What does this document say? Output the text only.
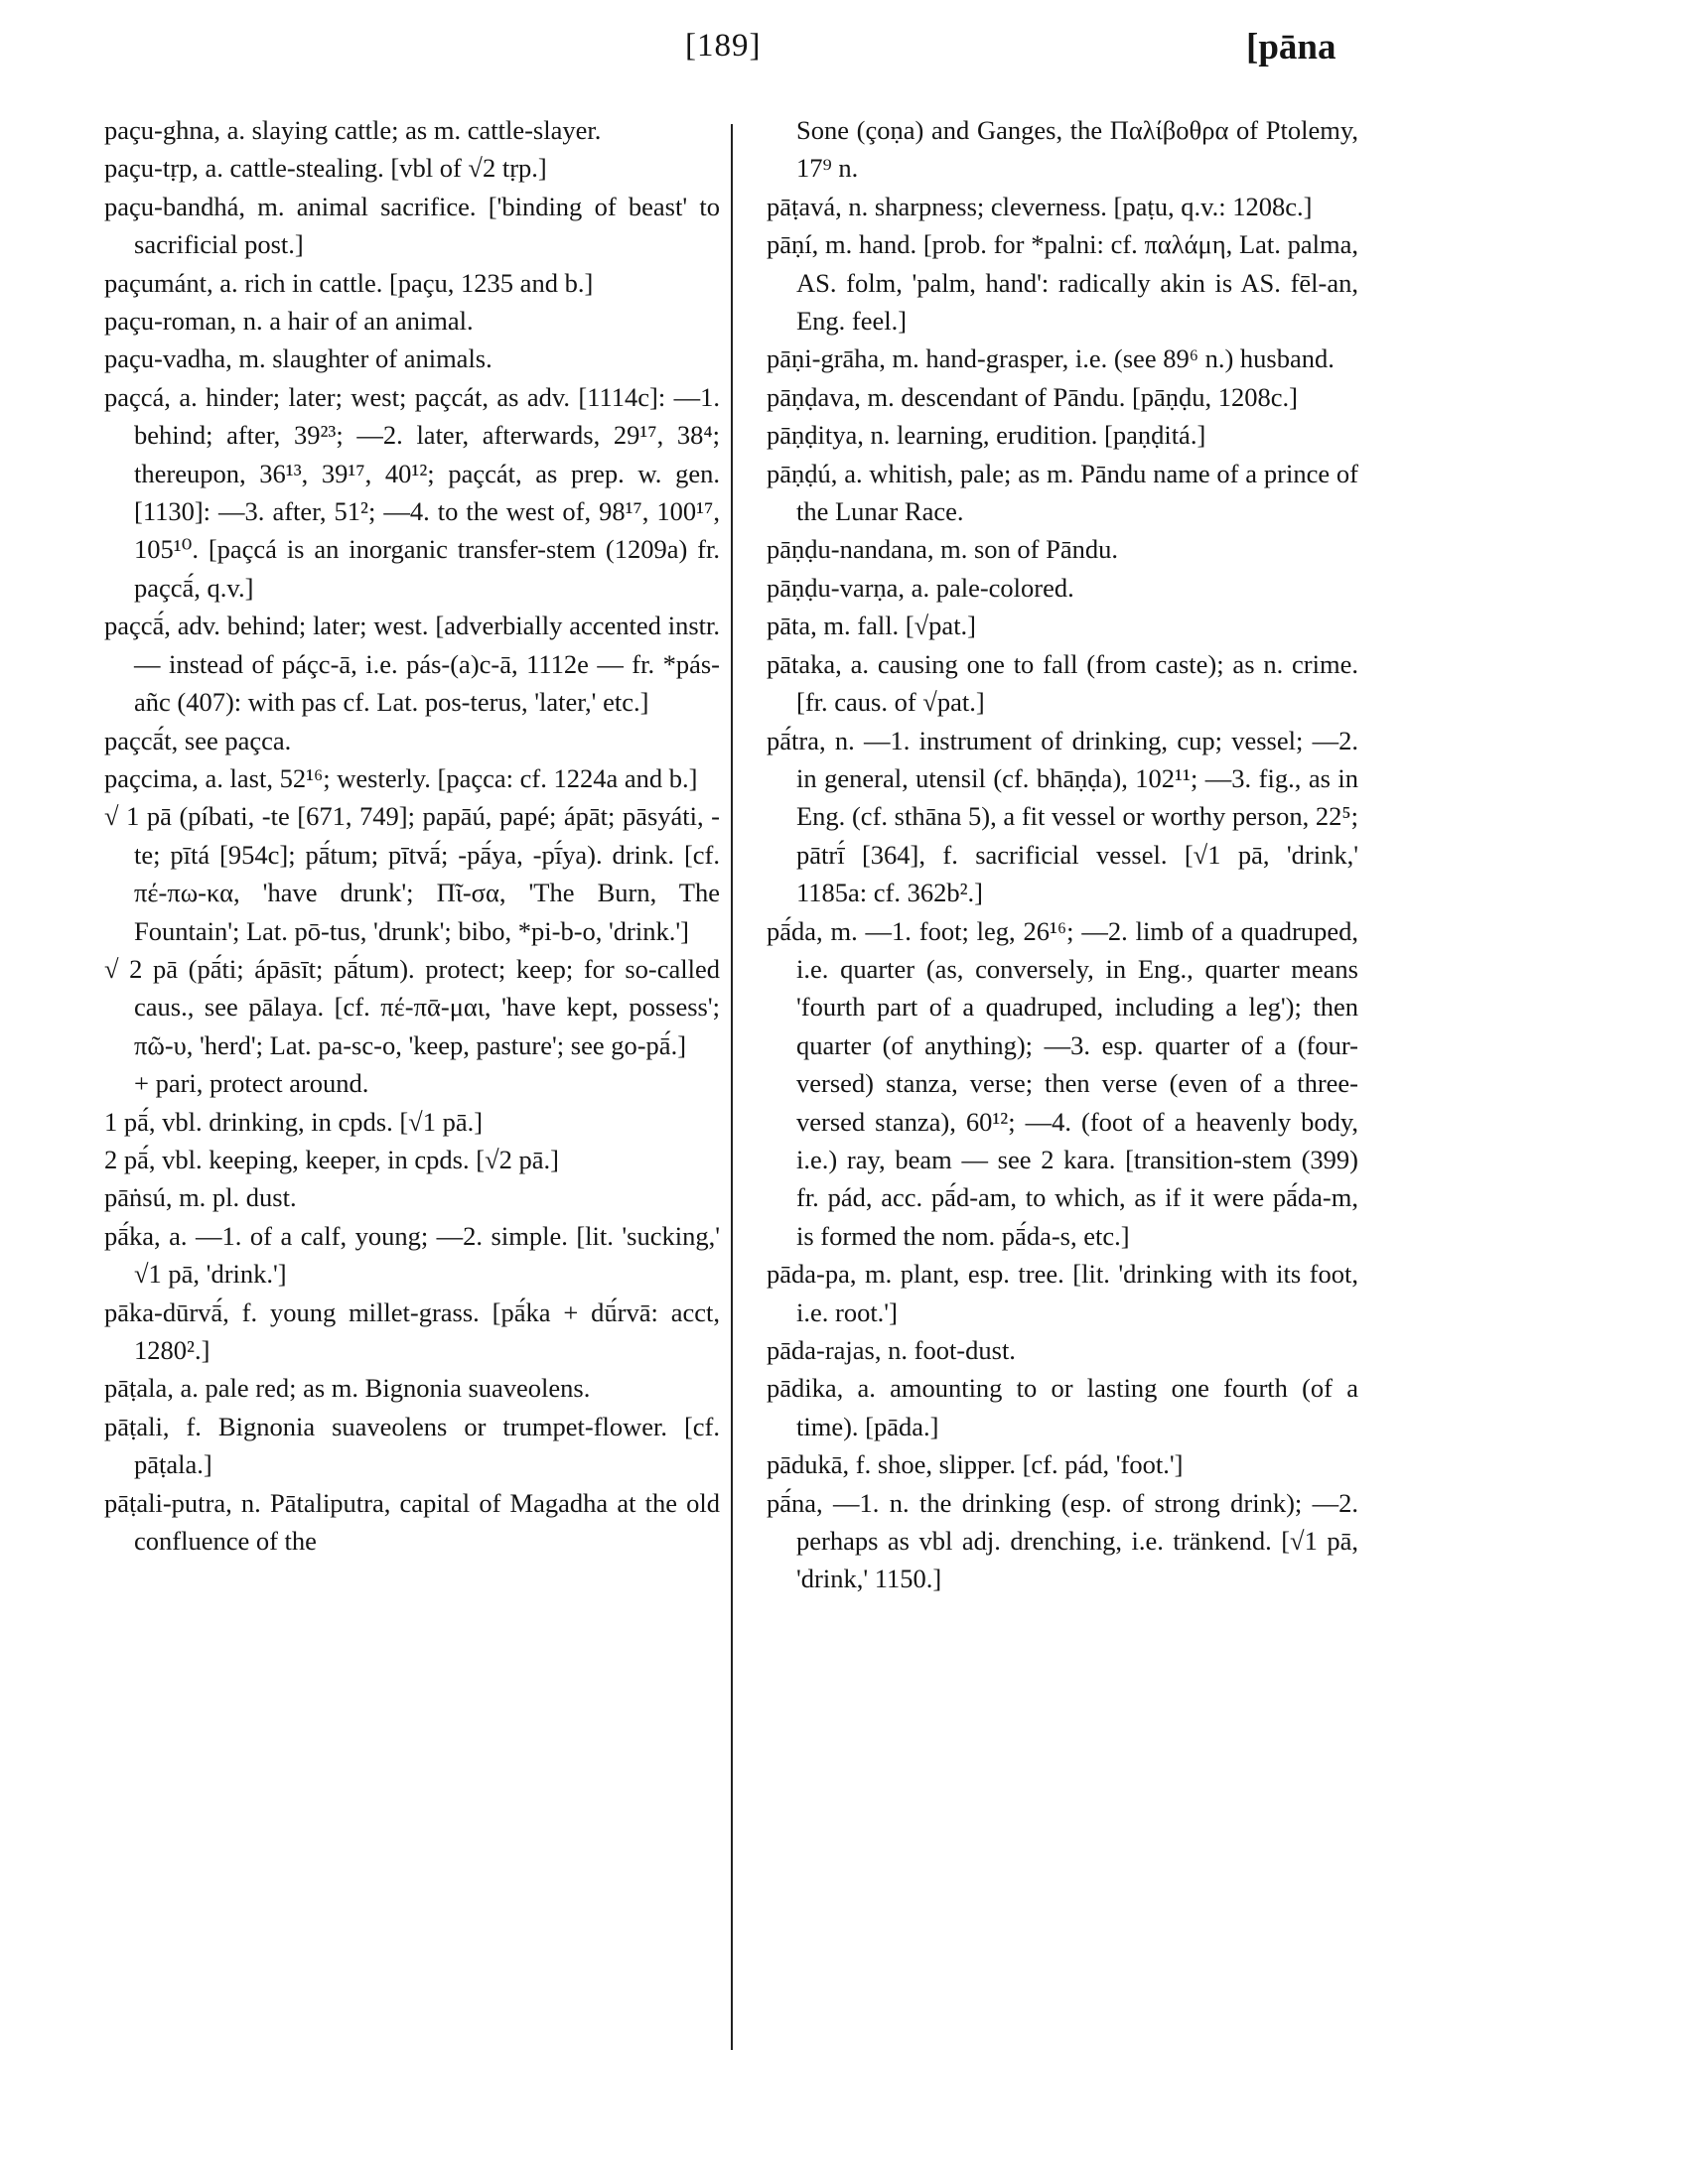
[189]	[pāna

paçu-ghna, a. slaying cattle; as m. cattle-slayer.

paçu-tṛp, a. cattle-stealing. [vbl of √2 tṛp.]

paçu-bandhá, m. animal sacrifice. ['binding of beast' to sacrificial post.]

paçumánt, a. rich in cattle. [paçu, 1235 and b.]

paçu-roman, n. a hair of an animal.

paçu-vadha, m. slaughter of animals.

paçcá, a. hinder; later; west; paçcát, as adv. [1114c]: —1. behind; after, 39²³; —2. later, afterwards, 29¹⁷, 38⁴; thereupon, 36¹³, 39¹⁷, 40¹²; paçcát, as prep. w. gen. [1130]: —3. after, 51²; —4. to the west of, 98¹⁷, 100¹⁷, 105¹⁰. [paçcá is an inorganic transfer-stem (1209a) fr. paçcā́, q.v.]

paçcā́, adv. behind; later; west. [adverbially accented instr. — instead of páçc-ā, i.e. pás-(a)c-ā, 1112e — fr. *pás-añc (407): with pas cf. Lat. pos-terus, 'later,' etc.]

paçcā́t, see paçca.

paçcima, a. last, 52¹⁶; westerly. [paçca: cf. 1224a and b.]

√ 1 pā (píbati, -te [671, 749]; papāú, papé; ápāt; pāsyáti, -te; pītá [954c]; pā́tum; pītvā́; -pā́ya, -pī́ya). drink. [cf. πέ-πω-κα, 'have drunk'; Πῖ-σα, 'The Burn, The Fountain'; Lat. pō-tus, 'drunk'; bibo, *pi-b-o, 'drink.']

√ 2 pā (pā́ti; ápāsīt; pā́tum). protect; keep; for so-called caus., see pālaya. [cf. πέ-πᾱ-μαι, 'have kept, possess'; πῶ-υ, 'herd'; Lat. pa-sc-o, 'keep, pasture'; see go-pā́.]

+ pari, protect around.

1 pā́, vbl. drinking, in cpds. [√1 pā.]

2 pā́, vbl. keeping, keeper, in cpds. [√2 pā.]

pāṅsú, m. pl. dust.

pā́ka, a. —1. of a calf, young; —2. simple. [lit. 'sucking,' √1 pā, 'drink.']

pāka-dūrvā́, f. young millet-grass. [pā́ka + dū́rvā: acct, 1280².]

pāṭala, a. pale red; as m. Bignonia suaveolens.

pāṭali, f. Bignonia suaveolens or trumpet-flower. [cf. pāṭala.]

pāṭali-putra, n. Pātaliputra, capital of Magadha at the old confluence of the

Sone (çoṇa) and Ganges, the Παλίβοθρα of Ptolemy, 17⁹ n.

pāṭavá, n. sharpness; cleverness. [paṭu, q.v.: 1208c.]

pāṇí, m. hand. [prob. for *palni: cf. παλάμη, Lat. palma, AS. folm, 'palm, hand': radically akin is AS. fēl-an, Eng. feel.]

pāṇi-grāha, m. hand-grasper, i.e. (see 89⁶ n.) husband.

pāṇḍava, m. descendant of Pāndu. [pāṇḍu, 1208c.]

pāṇḍitya, n. learning, erudition. [paṇḍitá.]

pāṇḍú, a. whitish, pale; as m. Pāndu name of a prince of the Lunar Race.

pāṇḍu-nandana, m. son of Pāndu.

pāṇḍu-varṇa, a. pale-colored.

pāta, m. fall. [√pat.]

pātaka, a. causing one to fall (from caste); as n. crime. [fr. caus. of √pat.]

pā́tra, n. —1. instrument of drinking, cup; vessel; —2. in general, utensil (cf. bhāṇḍa), 102¹¹; —3. fig., as in Eng. (cf. sthāna 5), a fit vessel or worthy person, 22⁵; pātrī́ [364], f. sacrificial vessel. [√1 pā, 'drink,' 1185a: cf. 362b².]

pā́da, m. —1. foot; leg, 26¹⁶; —2. limb of a quadruped, i.e. quarter (as, conversely, in Eng., quarter means 'fourth part of a quadruped, including a leg'); then quarter (of anything); —3. esp. quarter of a (four-versed) stanza, verse; then verse (even of a three-versed stanza), 60¹²; —4. (foot of a heavenly body, i.e.) ray, beam — see 2 kara. [transition-stem (399) fr. pád, acc. pā́d-am, to which, as if it were pā́da-m, is formed the nom. pā́da-s, etc.]

pāda-pa, m. plant, esp. tree. [lit. 'drinking with its foot, i.e. root.']

pāda-rajas, n. foot-dust.

pādika, a. amounting to or lasting one fourth (of a time). [pāda.]

pādukā, f. shoe, slipper. [cf. pád, 'foot.']

pā́na, —1. n. the drinking (esp. of strong drink); —2. perhaps as vbl adj. drenching, i.e. tränkend. [√1 pā, 'drink,' 1150.]
